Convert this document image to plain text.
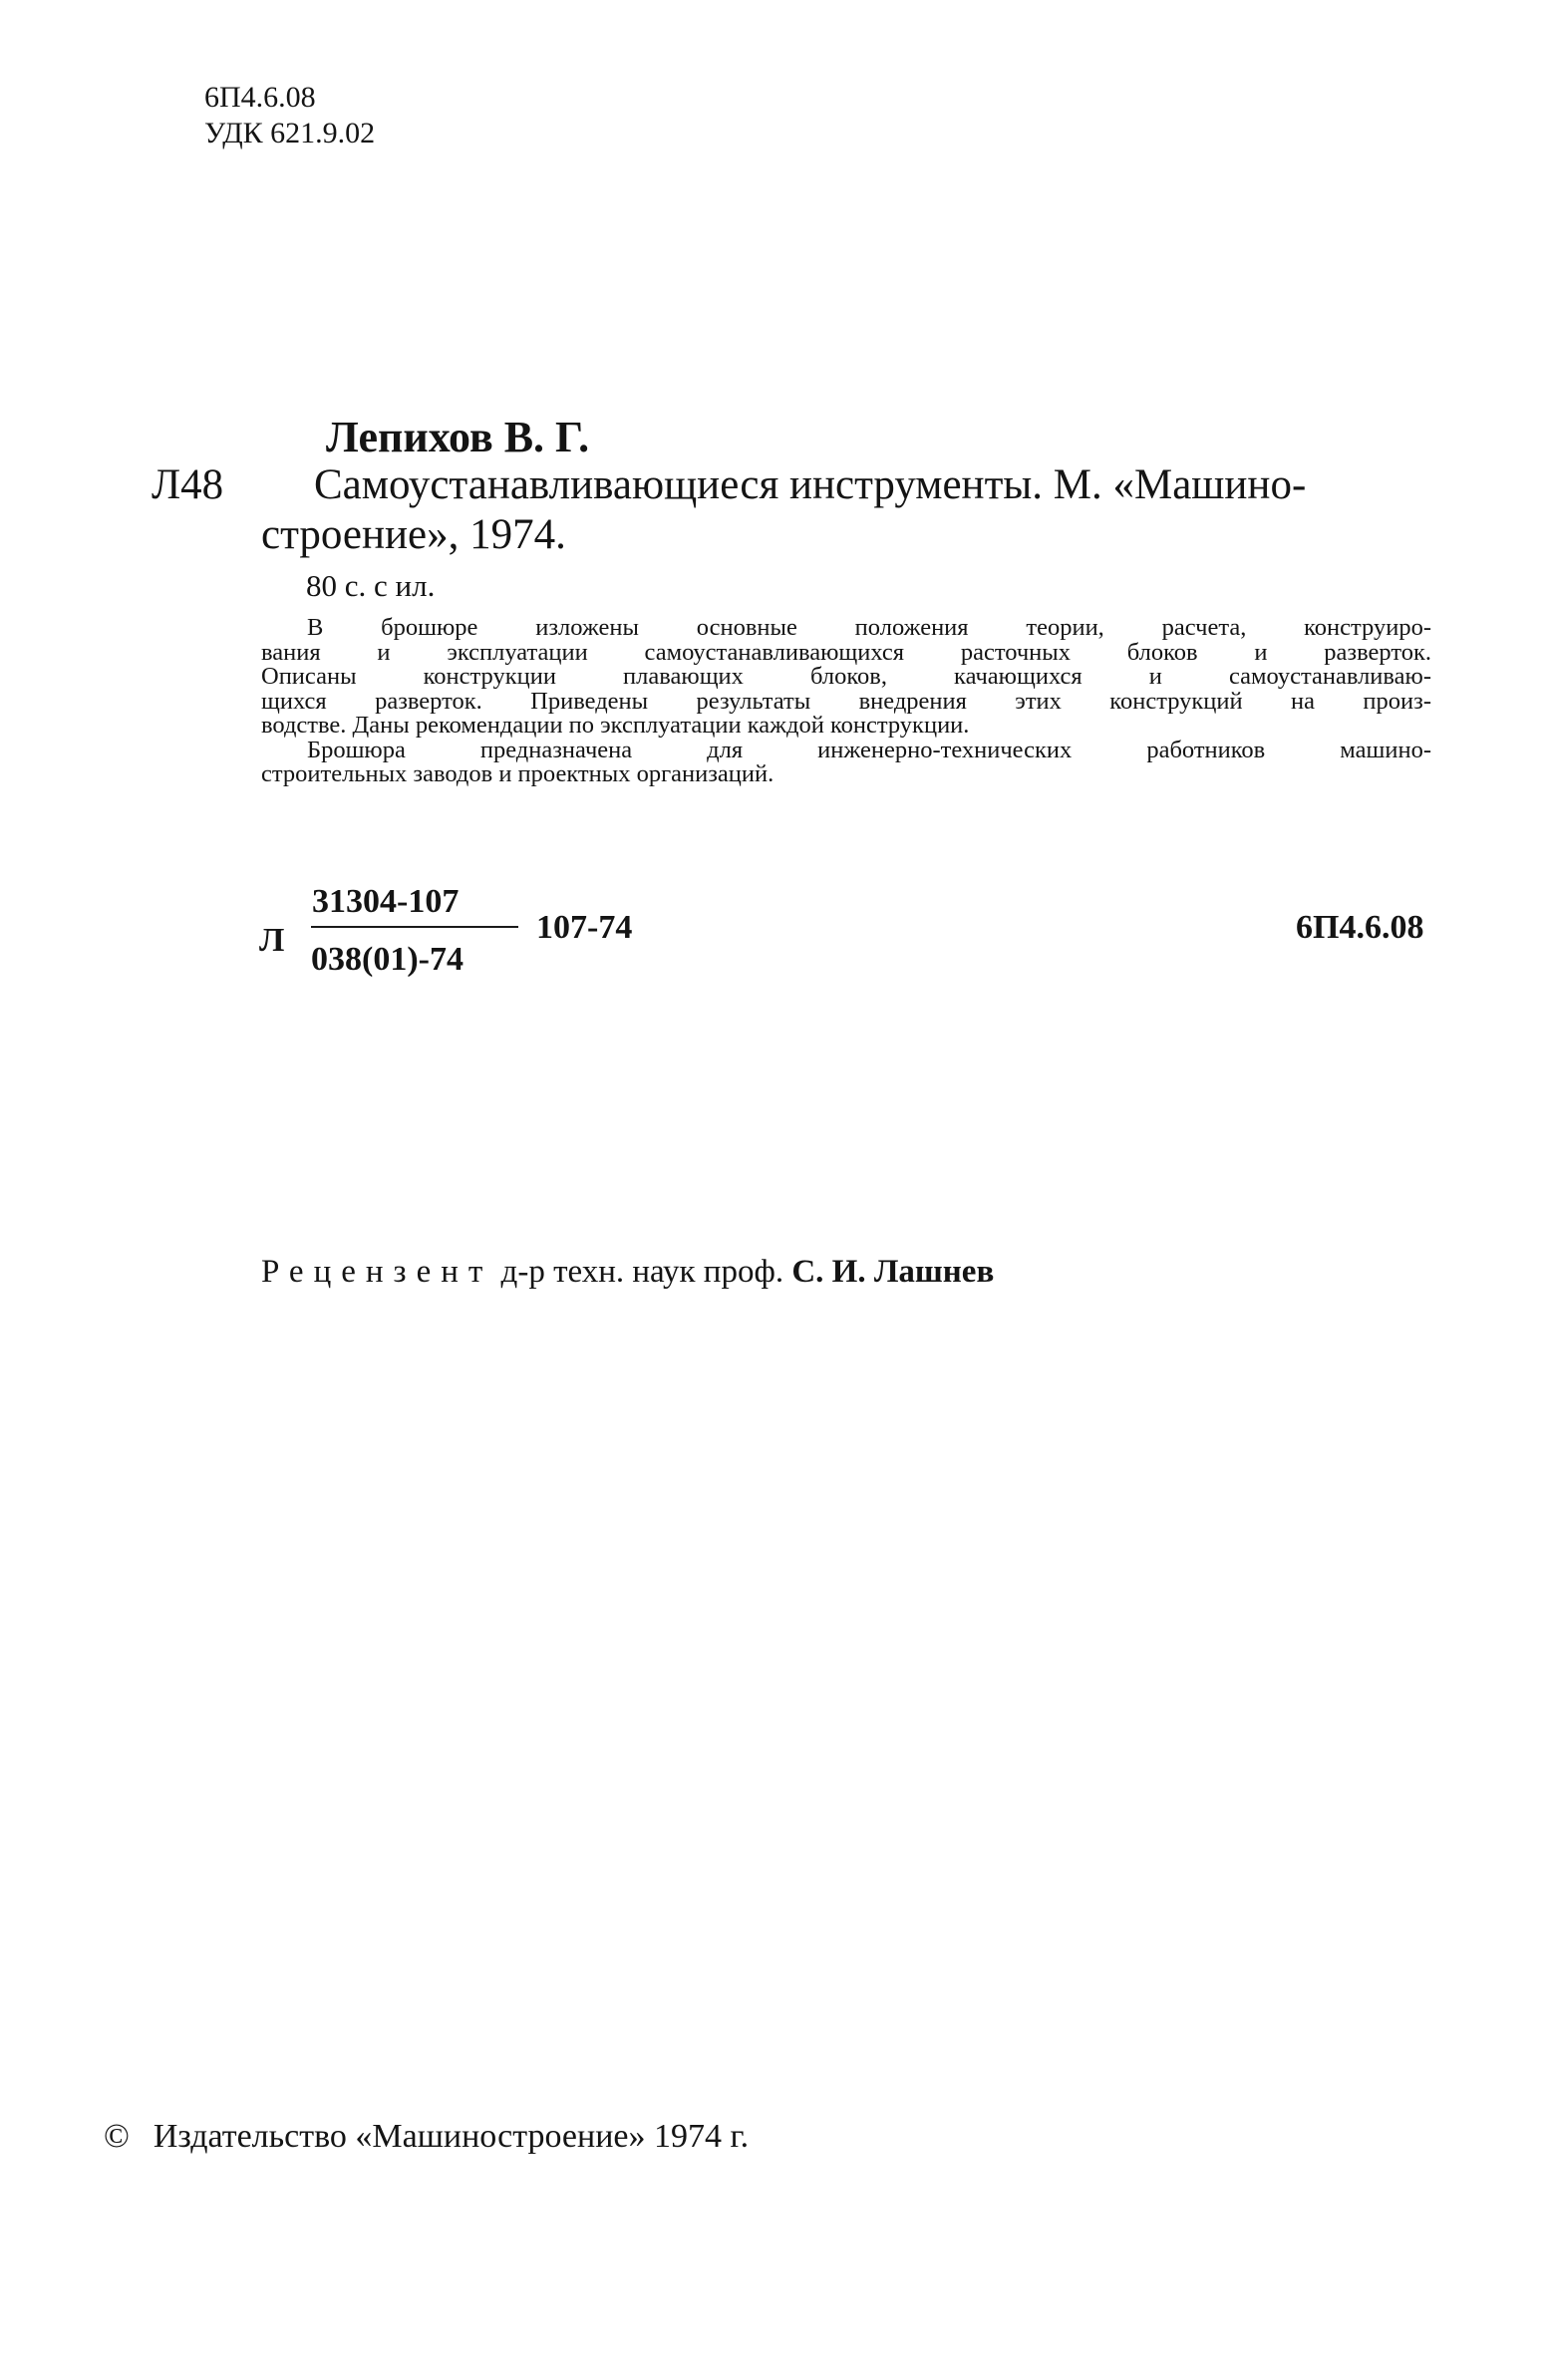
6П4.6.08
УДК 621.9.02
Лепихов В. Г.
Л48 Самоустанавливающиеся инструменты. М. «Машино-
строение», 1974.
80 с. с ил.
В брошюре изложены основные положения теории, расчета, конструиро-
вания и эксплуатации самоустанавливающихся расточных блоков и разверток.
Описаны конструкции плавающих блоков, качающихся и самоустанавливаю-
щихся разверток. Приведены результаты внедрения этих конструкций на произ-
водстве. Даны рекомендации по эксплуатации каждой конструкции.
Брошюра предназначена для инженерно-технических работников машино-
строительных заводов и проектных организаций.
Л
31304-107
038(01)-74
107-74	6П4.6.08
Рецензент д-р техн. наук проф. С. И. Лашнев
© Издательство «Машиностроение» 1974 г.
